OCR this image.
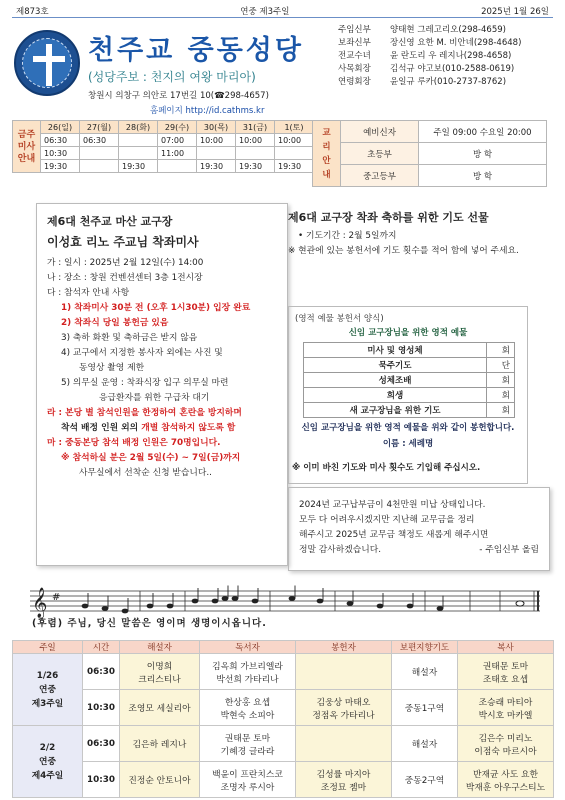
제873호	연중 제3주일	2025년 1월 26일
천주교 중동성당
(성당주보 : 천지의 여왕 마리아)
창원시 의창구 의안로 17번길 10(☎298-4657)
홈페이지 http://id.cathms.kr
주임신부	양태현 그레고리오(298-4659)
보좌신부	장신영 요한 M. 비안네(298-4648)
전교수녀	윤 란도리 우 레지나(298-4658)
사목회장	김석규 야고보(010-2588-0619)
연령회장	윤일규 루카(010-2737-8762)
금주
미사
안내	26(일)	27(월)	28(화)	29(수)	30(목)	31(금)	1(토)
	06:30	06:30		07:00	10:00	10:00	10:00
	10:30			11:00			
	19:30		19:30		19:30	19:30	19:30
교
리
안
내	예비신자	주일 09:00 수요일 20:00
	초등부	방 학
	중고등부	방 학
제6대 천주교 마산 교구장
이성효 리노 주교님 착좌미사
가 : 일시 : 2025년 2월 12일(수) 14:00
나 : 장소 : 창원 컨벤션센터 3층 1전시장
다 : 참석자 안내 사항
1) 착좌미사 30분 전 (오후 1시30분) 입장 완료
2) 착좌식 당일 봉헌금 있음
3) 축하 화환 및 축하금은 받지 않음
4) 교구에서 지정한 봉사자 외에는 사진 및
동영상 촬영 제한
5) 의무실 운영 : 착좌식장 입구 의무실 마련
응급환자를 위한 구급차 대기
라 : 본당 별 참석인원을 한정하여 혼란을 방지하며
착석 배정 인원 외의 개별 참석하지 않도록 함
마 : 중동본당 참석 배정 인원은 70명입니다.
※ 참석하실 분은 2월 5일(수) ~ 7일(금)까지
사무실에서 선착순 신청 받습니다..
제6대 교구장 착좌 축하를 위한 기도 선물
• 기도기간 : 2월 5일까지
※ 현관에 있는 봉헌서에 기도 횟수를 적어 함에 넣어 주세요.
(영적 예물 봉헌서 양식)
신임 교구장님을 위한 영적 예물
미사 및 영성체	회
묵주기도	단
성체조배	회
희생	회
새 교구장님을 위한 기도	회
신임 교구장님을 위한 영적 예물을 위와 같이 봉헌합니다.
이름 : 세례명
※ 이미 바친 기도와 미사 횟수도 기입해 주십시오.
2024년 교구납부금이 4천만원 미납 상태입니다.
모두 다 어려우시겠지만 지난해 교무금을 정리
해주시고 2025년 교무금 책정도 새롭게 해주시면
정말 감사하겠습니다.	- 주임신부 올림
𝄞 #
(후렴) 주님, 당신 말씀은 영이며 생명이시옵니다.
주일	시간	해설자	독서자	봉헌자	보편지향기도	복사
1/26
연중
제3주일	06:30	이명희
크리스티나	김옥희 가브리엘라
박선희 가타리나		해설자	권태문 토마
조태호 요셉
	10:30	조영모 세실리아	한상홍 요셉
박현숙 소피아	김웅상 마태오
정점옥 가타리나	중동1구역	조승래 마티아
박시호 마카엘
2/2
연중
제4주일	06:30	김은하 레지나	권태문 토마
기혜경 글라라		해설자	김은수 미리노
이점숙 마르시아
	10:30	진정순 안토니아	백윤이 프란치스코
조명자 루시아	김성률 마지아
조정묘 젬마	중동2구역	반재균 사도 요한
박재훈 아우구스티노
